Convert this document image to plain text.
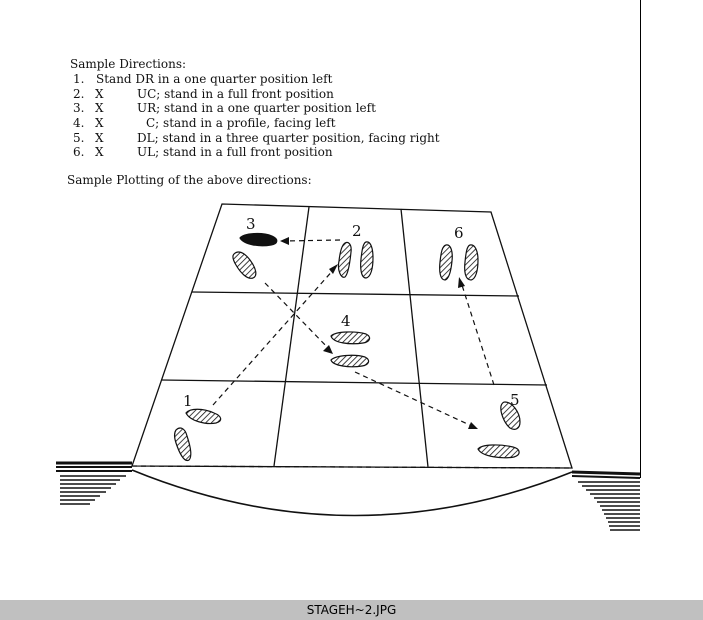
Sample Directions:
1. Stand DR in a one quarter position left
2. X	UC; stand in a full front position
3. X	UR; stand in a one quarter position left
4. X	C; stand in a profile, facing left
5. X	DL; stand in a three quarter position, facing right
6. X	UL; stand in a full front position
Sample Plotting of the above directions:
1
2
3
4
5
6
STAGEH~2.JPG
